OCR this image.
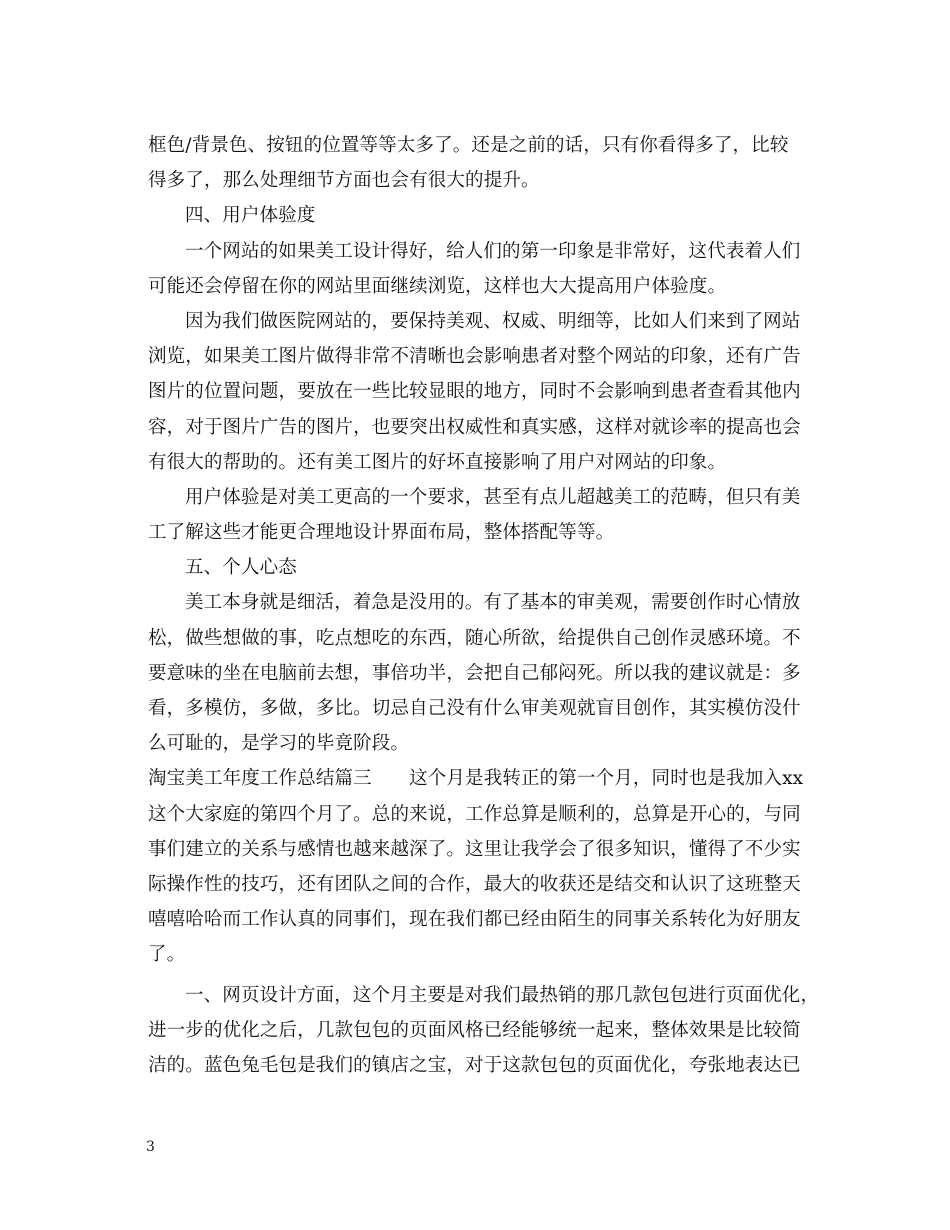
框色/背景色、按钮的位置等等太多了。还是之前的话，只有你看得多了，比较
得多了，那么处理细节方面也会有很大的提升。
四、用户体验度
一个网站的如果美工设计得好，给人们的第一印象是非常好，这代表着人们
可能还会停留在你的网站里面继续浏览，这样也大大提高用户体验度。
因为我们做医院网站的，要保持美观、权威、明细等，比如人们来到了网站
浏览，如果美工图片做得非常不清晰也会影响患者对整个网站的印象，还有广告
图片的位置问题，要放在一些比较显眼的地方，同时不会影响到患者查看其他内
容，对于图片广告的图片，也要突出权威性和真实感，这样对就诊率的提高也会
有很大的帮助的。还有美工图片的好坏直接影响了用户对网站的印象。
用户体验是对美工更高的一个要求，甚至有点儿超越美工的范畴，但只有美
工了解这些才能更合理地设计界面布局，整体搭配等等。
五、个人心态
美工本身就是细活，着急是没用的。有了基本的审美观，需要创作时心情放
松，做些想做的事，吃点想吃的东西，随心所欲，给提供自己创作灵感环境。不
要意味的坐在电脑前去想，事倍功半，会把自己郁闷死。所以我的建议就是：多
看，多模仿，多做，多比。切忌自己没有什么审美观就盲目创作，其实模仿没什
么可耻的，是学习的毕竟阶段。
淘宝美工年度工作总结篇三　　这个月是我转正的第一个月，同时也是我加入xx
这个大家庭的第四个月了。总的来说，工作总算是顺利的，总算是开心的，与同
事们建立的关系与感情也越来越深了。这里让我学会了很多知识，懂得了不少实
际操作性的技巧，还有团队之间的合作，最大的收获还是结交和认识了这班整天
嘻嘻哈哈而工作认真的同事们，现在我们都已经由陌生的同事关系转化为好朋友
了。
一、网页设计方面，这个月主要是对我们最热销的那几款包包进行页面优化，
进一步的优化之后，几款包包的页面风格已经能够统一起来，整体效果是比较简
洁的。蓝色兔毛包是我们的镇店之宝，对于这款包包的页面优化，夸张地表达已
3
